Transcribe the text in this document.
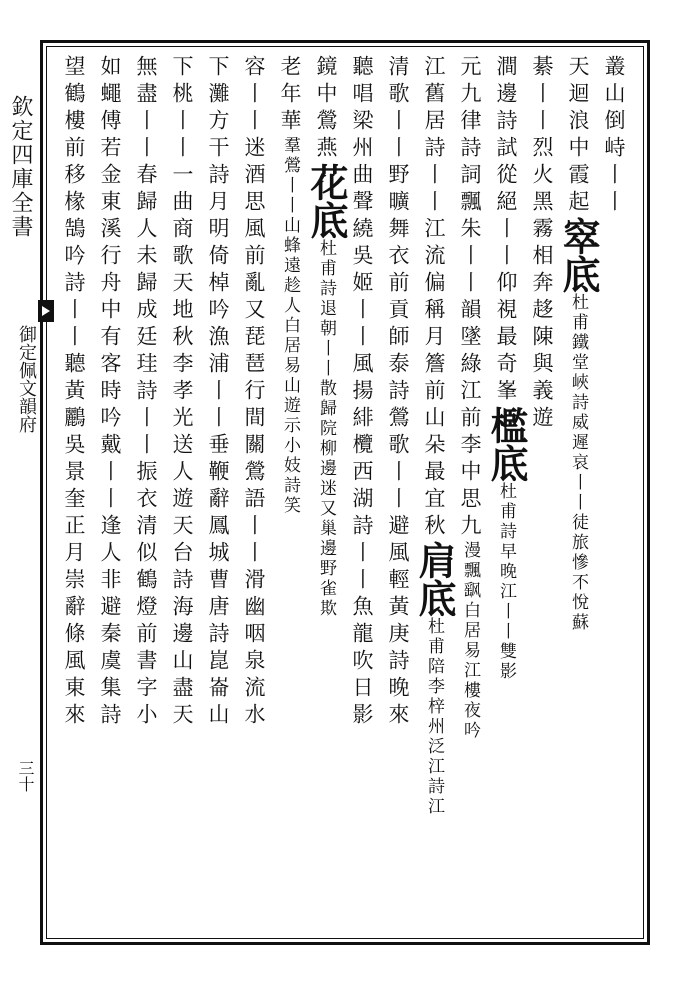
欽定四庫全書
御定佩文韻府
三十
叢山倒峙丨丨
天迴浪中霞起窣底杜甫鐵堂峽詩威遲哀丨丨徒旅慘不悅蘇
綦丨丨烈火黑霧相奔趍陳與義遊
澗邊詩試從絕丨丨仰視最奇峯檻底杜甫詩早晚江丨丨雙影
元九律詩詞飄朱丨丨韻墜綠江前李中思九漫飄飖白居易江樓夜吟
江舊居詩丨丨江流偏稱月簷前山朵最宜秋肩底杜甫陪李梓州泛江詩江
清歌丨丨野曠舞衣前貢師泰詩鶯歌丨丨避風輕黃庚詩晚來
聽唱梁州曲聲繞吳姬丨丨風揚緋欖西湖詩丨丨魚龍吹日影
鏡中鶯燕花底杜甫詩退朝丨丨散歸院柳邊迷又巢邊野雀欺
老年華羣鶯丨丨山蜂遠趁人白居易山遊示小妓詩笑
容丨丨迷酒思風前亂又琵琶行間關鶯語丨丨滑幽咽泉流水
下灘方干詩月明倚棹吟漁浦丨丨垂鞭辭鳳城曹唐詩崑崙山
下桃丨丨一曲商歌天地秋李孝光送人遊天台詩海邊山盡天
無盡丨丨春歸人未歸成廷珪詩丨丨振衣清似鶴燈前書字小
如蠅傅若金東溪行舟中有客時吟戴丨丨逢人非避秦虞集詩
望鶴樓前移椽鵠吟詩丨丨聽黃鸝吳景奎正月崇辭條風東來
